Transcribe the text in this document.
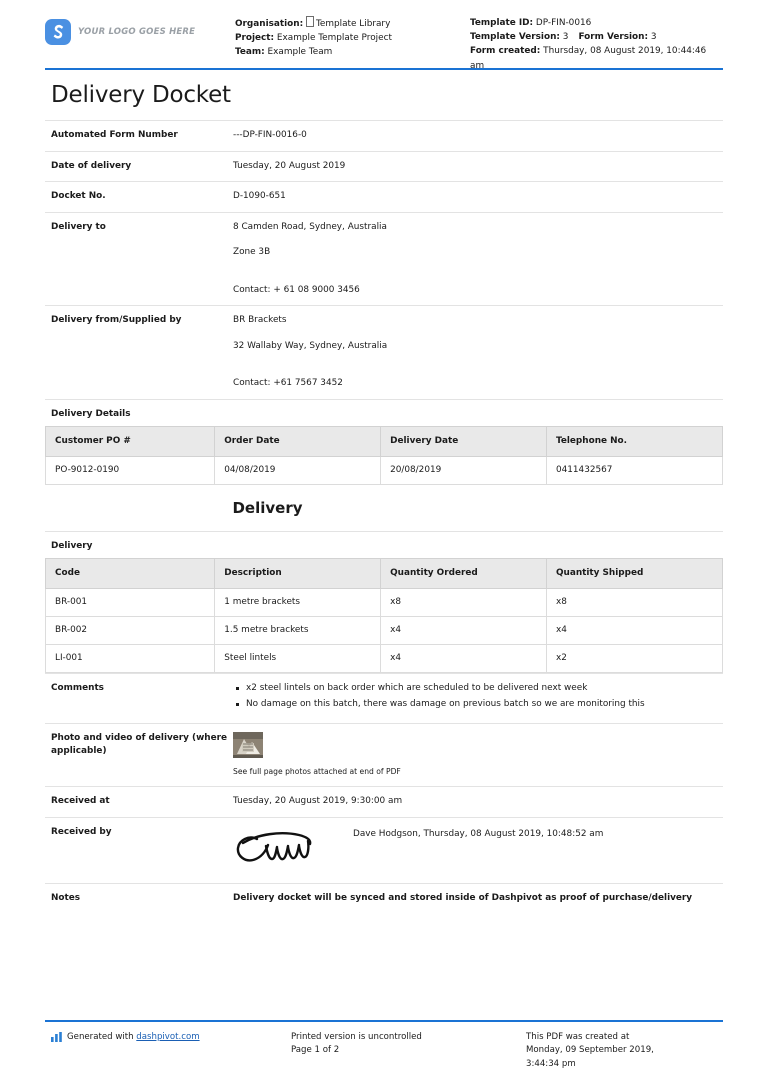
YOUR LOGO GOES HERE
Organisation: Template Library
Project: Example Template Project
Team: Example Team
Template ID: DP-FIN-0016
Template Version: 3 Form Version: 3
Form created: Thursday, 08 August 2019, 10:44:46 am
Delivery Docket
Automated Form Number	---DP-FIN-0016-0
Date of delivery	Tuesday, 20 August 2019
Docket No.	D-1090-651
Delivery to	8 Camden Road, Sydney, Australia
Zone 3B
Contact: + 61 08 9000 3456

Delivery from/Supplied by	BR Brackets
32 Wallaby Way, Sydney, Australia
Contact: +61 7567 3452
Delivery Details
Customer PO #	Order Date	Delivery Date	Telephone No.
PO-9012-0190	04/08/2019	20/08/2019	0411432567
Delivery
Delivery
Code	Description	Quantity Ordered	Quantity Shipped
BR-001	1 metre brackets	x8	x8
BR-002	1.5 metre brackets	x4	x4
LI-001	Steel lintels	x4	x2
Comments	x2 steel lintels on back order which are scheduled to be delivered next week
No damage on this batch, there was damage on previous batch so we are monitoring this

Photo and video of delivery (where applicable)	See full page photos attached at end of PDF

Received at	Tuesday, 20 August 2019, 9:30:00 am
Received by	Dave Hodgson, Thursday, 08 August 2019, 10:48:52 am

Notes	Delivery docket will be synced and stored inside of Dashpivot as proof of purchase/delivery
Generated with
dashpivot.com	Printed version is uncontrolled
Page 1 of 2
This PDF was created at
Monday, 09 September 2019,
3:44:34 pm
